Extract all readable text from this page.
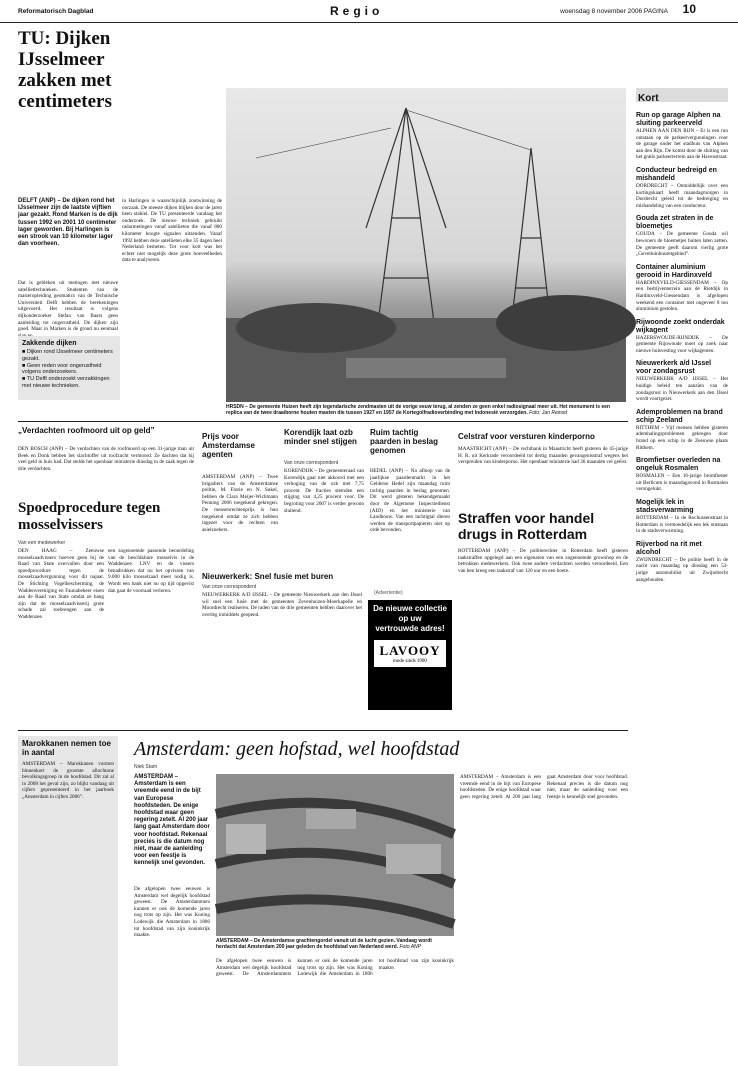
Reformatorisch Dagblad	Regio	woensdag 8 november 2006 PAGINA 10
TU: Dijken IJsselmeer zakken met centimeters
DELFT (ANP) – De dijken rond het IJsselmeer zijn de laatste vijftien jaar gezakt. Rond Marken is de dijk tussen 1992 en 2001 10 centimeter lager geworden. Bij Harlingen is een strook van 10 kilometer lager dan voorheen.
Dat is gebleken uit metingen met nieuwe satelliettechnieken. Studenten van de masteropleiding geomatics van de Technische Universiteit Delft hebben de berekeningen uitgevoerd. Het resultaat is volgens dijkonderzoeker Stefan van Baars geen aanleiding tot ongerustheid. De dijken zijn goed. Maar in Marken is de grond nu eenmaal
Zakkende dijken
■ Dijken rond IJsselmeer centimeters gezakt.
■ Geen reden voor ongerustheid volgens onderzoekers.
■ TU Delft onderzoekt verzakkingen met nieuwe technieken.
in Harlingen is waarschijnlijk zoutwinning de oorzaak. De meeste dijken blijken door de jaren heen stabiel. De TU presenteerde vandaag het onderzoek. De nieuwe techniek gebruikt radarmetingen vanaf satellieten die vanaf 800 kilometer hoogte signalen uitzenden. Vanaf 1992 hebben deze satellieten elke 35 dagen heel Nederland bemeten. Tot voor kort was het echter niet mogelijk deze grote hoeveelheden data te analyseren.
HRSDN – De gemeente Huizen heeft zijn legendarische zendmasten uit de vorige eeuw terug, al zenden ze geen enkel radiosignaal meer uit. Het monument is een replica van de twee draaiborne houten masten die tussen 1927 en 1957 de Kortegolfradioverbinding met Indonesië verzorgden. Foto: Jan Reinsd
„Verdachten roofmoord uit op geld”
DEN BOSCH (ANP) – De verdachten van de roofmoord op een 31-jarige man uit Beek en Donk hebben het slachtoffer uit roofzucht vermoord. Ze dachten dat hij veel geld in huis had. Dat stelde het openbaar ministerie dinsdag in de zaak tegen de drie verdachten.
Spoedprocedure tegen mosselvissers
Van een medewerker
DEN HAAG – Zeeuwse mosselzaadvissers hoeven geen bij de Raad van State overvallen door een spoedprocedure tegen de mosselzaadvergunning voor dit najaar. De Stichting Vogelbescherming, de Waddenvereniging en Faunabeheer eisen aan de Raad van State omdat ze bang zijn dat de mosselzaadvisserij grote schade zal toebrengen aan de Waddenzee.
een zogenoemde passende beoordeling van de beschikbare mosselvis in de Waddenzee. LNV en de vissers benadrukken dat nu het opvissen van 9.000 kilo mosselzaad meer nodig is. Wordt een bank niet nu op tijd opgevist dan gaat de voorraad verloren.
Prijs voor Amsterdamse agenten
AMSTERDAM (ANP) – Twee brigadiers van de Amsterdamse politie, M. Florie en N. Sukel, hebben de Clara Meijer-Wichmann Penning 2006 toegekend gekregen. De mensenrechtenprijs is hun toegekend omdat ze zich hebben ingezet voor de rechten van asielzoekers.
Korendijk laat ozb minder snel stijgen
Van onze correspondent
KORENDIJK – De gemeenteraad van Korendijk gaat niet akkoord met een verhoging van de ozb met 7,75 procent. De fracties stemden een stijging van 4,25 procent voor. De begroting voor 2007 is verder gewoon sluitend.
Ruim tachtig paarden in beslag genomen
HEDEL (ANP) – Na afloop van de jaarlijkse paardenmarkt in het Gelderse Hedel zijn maandag ruim tachtig paarden in beslag genomen. Dit werd gisteren bekendgemaakt door de Algemene Inspectiedienst (AID) en het ministerie van Landbouw. Van een tachtigtal dieren werden de transportpapieren niet op orde bevonden.
Nieuwerkerk: Snel fusie met buren
Van onze correspondent
NIEUWERKERK A/D IJSSEL – De gemeente Nieuwerkerk aan den IJssel wil snel een fusie met de gemeenten Zevenhuizen-Moerkapelle en Moordrecht realiseren. De raden van de drie gemeenten hebben daarover het overleg inmiddels geopend.
(Advertentie)
De nieuwe collectie
op uw
vertrouwde adres!
LAVOOY
mode sinds 1900
Celstraf voor versturen kinderporno
MAASTRICHT (ANP) – De rechtbank in Maastricht heeft gisteren de 45-jarige H. R. uit Kerkrade veroordeeld tot dertig maanden gevangenisstraf wegens het verspreiden van kinderporno. Het openbaar ministerie had 36 maanden cel geëist.
Straffen voor handel drugs in Rotterdam
ROTTERDAM (ANP) – De politierechter in Rotterdam heeft gisteren taakstraffen opgelegd aan een eigenaren van een zogenoemde growshop en de betrokken medewerkers. Ook twee andere verdachten werden veroordeeld. Een van hen kreeg een taakstraf van 120 uur en een boete.
Kort
Run op garage Alphen na sluiting parkeerveld
ALPHEN AAN DEN RIJN – Er is een run ontstaan op de parkeervergunningen voor de garage onder het stadhuis van Alphen aan den Rijn. De komst door de sluiting van het gratis parkeerterrein aan de Havenstraat.
Conducteur bedreigd en mishandeld
DORDRECHT – Onmiddellijk over een kortingskaart heeft maandagmorgen in Dordrecht geleid tot de bedreiging en mishandeling van een conducteur.
Gouda zet straten in de bloemetjes
GOUDA – De gemeente Gouda wil bewoners de bloemetjes buiten laten zetten. De gemeente geeft daarom vierlig grote „Geveltuinbuuretgebied”.
Container aluminium gerooid in Hardinxveld
HARDINXVELD-GIESSENDAM – Op een bedrijventerrein aan de Rietdijk in Hardinxveld-Giessendam is afgelopen weekend een container met ongeveer 8 ton aluminium gestolen.
Rijwoonde zoekt onderdak wijkagent
HAZERSWOUDE-RIJNDIJK – De gemeente Rijnwoude moet op zoek naar nieuwe huisvesting voor wijkagenten.
Nieuwerkerk a/d IJssel voor zondagsrust
NIEUWERKERK A/D IJSSEL – Het huidige beleid ten aanzien van de zondagsrust in Nieuwerkerk aan den IJssel wordt voortgezet.
Ademproblemen na brand schip Zeeland
RITTHEM – Vijf mensen hebben gisteren ademhalingsproblemen gekregen door brand op een schip in de Zeeuwse plaats Ritthem.
Bromfietser overleden na ongeluk Rosmalen
ROSMALEN – Een 16-jarige bromfietser uit Berlicum is maandagavond in Rosmalen verongelukt.
Mogelijk lek in stadsverwarming
ROTTERDAM – In de Rochussenstraat in Rotterdam is vermoedelijk een lek ontstaan in de stadsverwarming.
Rijverbod na rit met alcohol
ZWIJNDRECHT – De politie heeft in de nacht van maandag op dinsdag een 53-jarige automobilist uit Zwijndrecht aangehouden.
Marokkanen nemen toe in aantal
AMSTERDAM – Marokkanen vormen binnenkort de grootste allochtone bevolkingsgroep in de hoofdstad. Dit zal al in 2008 het geval zijn, zo blijkt vandaag uit cijfers gepresenteerd in het jaarboek „Amsterdam in cijfers 2006”.
Amsterdam: geen hofstad, wel hoofdstad
Niek Stam
AMSTERDAM – Amsterdam is een vreemde eend in de bijt van Europese hoofdsteden. De enige hoofdstad waar geen regering zetelt. Al 200 jaar lang gaat Amsterdam door voor hoofdstad. Rekenaal precies is die datum nog niet, maar de aanleiding voor een feestje is kennelijk snel gevonden.
De afgelopen twee eeuwen is Amsterdam wel degelijk hoofdstad geweest. De Amsterdammers kunnen er ook de komende jaren nog trots op zijn. Het was Koning Lodewijk die Amsterdam in 1806 tot hoofdstad van zijn koninkrijk maakte.
AMSTERDAM – De Amsterdamse grachtengordel vanuit uit de lucht gezien. Vandaag wordt herdacht dat Amsterdam 200 jaar geleden de hoofdstad van Nederland werd. Foto ANP
De afgelopen twee eeuwen is Amsterdam wel degelijk hoofdstad geweest. De Amsterdammers kunnen er ook de komende jaren nog trots op zijn. Het was Koning Lodewijk die Amsterdam in 1806 tot hoofdstad van zijn koninkrijk maakte.
AMSTERDAM – Amsterdam is een vreemde eend in de bijt van Europese hoofdsteden. De enige hoofdstad waar geen regering zetelt. Al 200 jaar lang gaat Amsterdam door voor hoofdstad. Rekenaal precies is die datum nog niet, maar de aanleiding voor een feestje is kennelijk snel gevonden.
